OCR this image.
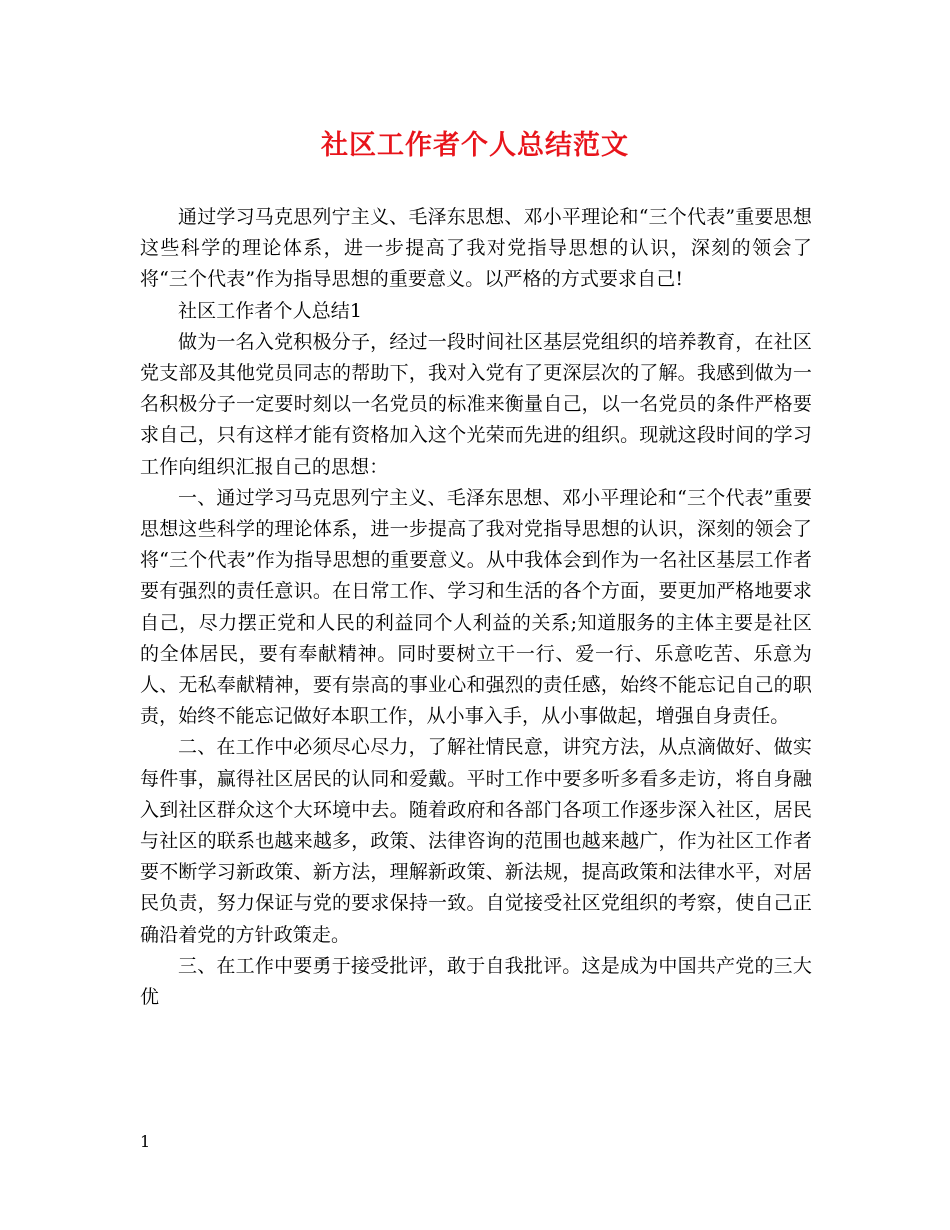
社区工作者个人总结范文

通过学习马克思列宁主义、毛泽东思想、邓小平理论和“三个代表”重要思想这些科学的理论体系，进一步提高了我对党指导思想的认识，深刻的领会了将“三个代表”作为指导思想的重要意义。以严格的方式要求自己!

社区工作者个人总结1

做为一名入党积极分子，经过一段时间社区基层党组织的培养教育，在社区党支部及其他党员同志的帮助下，我对入党有了更深层次的了解。我感到做为一名积极分子一定要时刻以一名党员的标准来衡量自己，以一名党员的条件严格要求自己，只有这样才能有资格加入这个光荣而先进的组织。现就这段时间的学习工作向组织汇报自己的思想：

一、通过学习马克思列宁主义、毛泽东思想、邓小平理论和“三个代表”重要思想这些科学的理论体系，进一步提高了我对党指导思想的认识，深刻的领会了将“三个代表”作为指导思想的重要意义。从中我体会到作为一名社区基层工作者要有强烈的责任意识。在日常工作、学习和生活的各个方面，要更加严格地要求自己，尽力摆正党和人民的利益同个人利益的关系;知道服务的主体主要是社区的全体居民，要有奉献精神。同时要树立干一行、爱一行、乐意吃苦、乐意为人、无私奉献精神，要有崇高的事业心和强烈的责任感，始终不能忘记自己的职责，始终不能忘记做好本职工作，从小事入手，从小事做起，增强自身责任。

二、在工作中必须尽心尽力，了解社情民意，讲究方法，从点滴做好、做实每件事，赢得社区居民的认同和爱戴。平时工作中要多听多看多走访，将自身融入到社区群众这个大环境中去。随着政府和各部门各项工作逐步深入社区，居民与社区的联系也越来越多，政策、法律咨询的范围也越来越广，作为社区工作者要不断学习新政策、新方法，理解新政策、新法规，提高政策和法律水平，对居民负责，努力保证与党的要求保持一致。自觉接受社区党组织的考察，使自己正确沿着党的方针政策走。

三、在工作中要勇于接受批评，敢于自我批评。这是成为中国共产党的三大优

1
